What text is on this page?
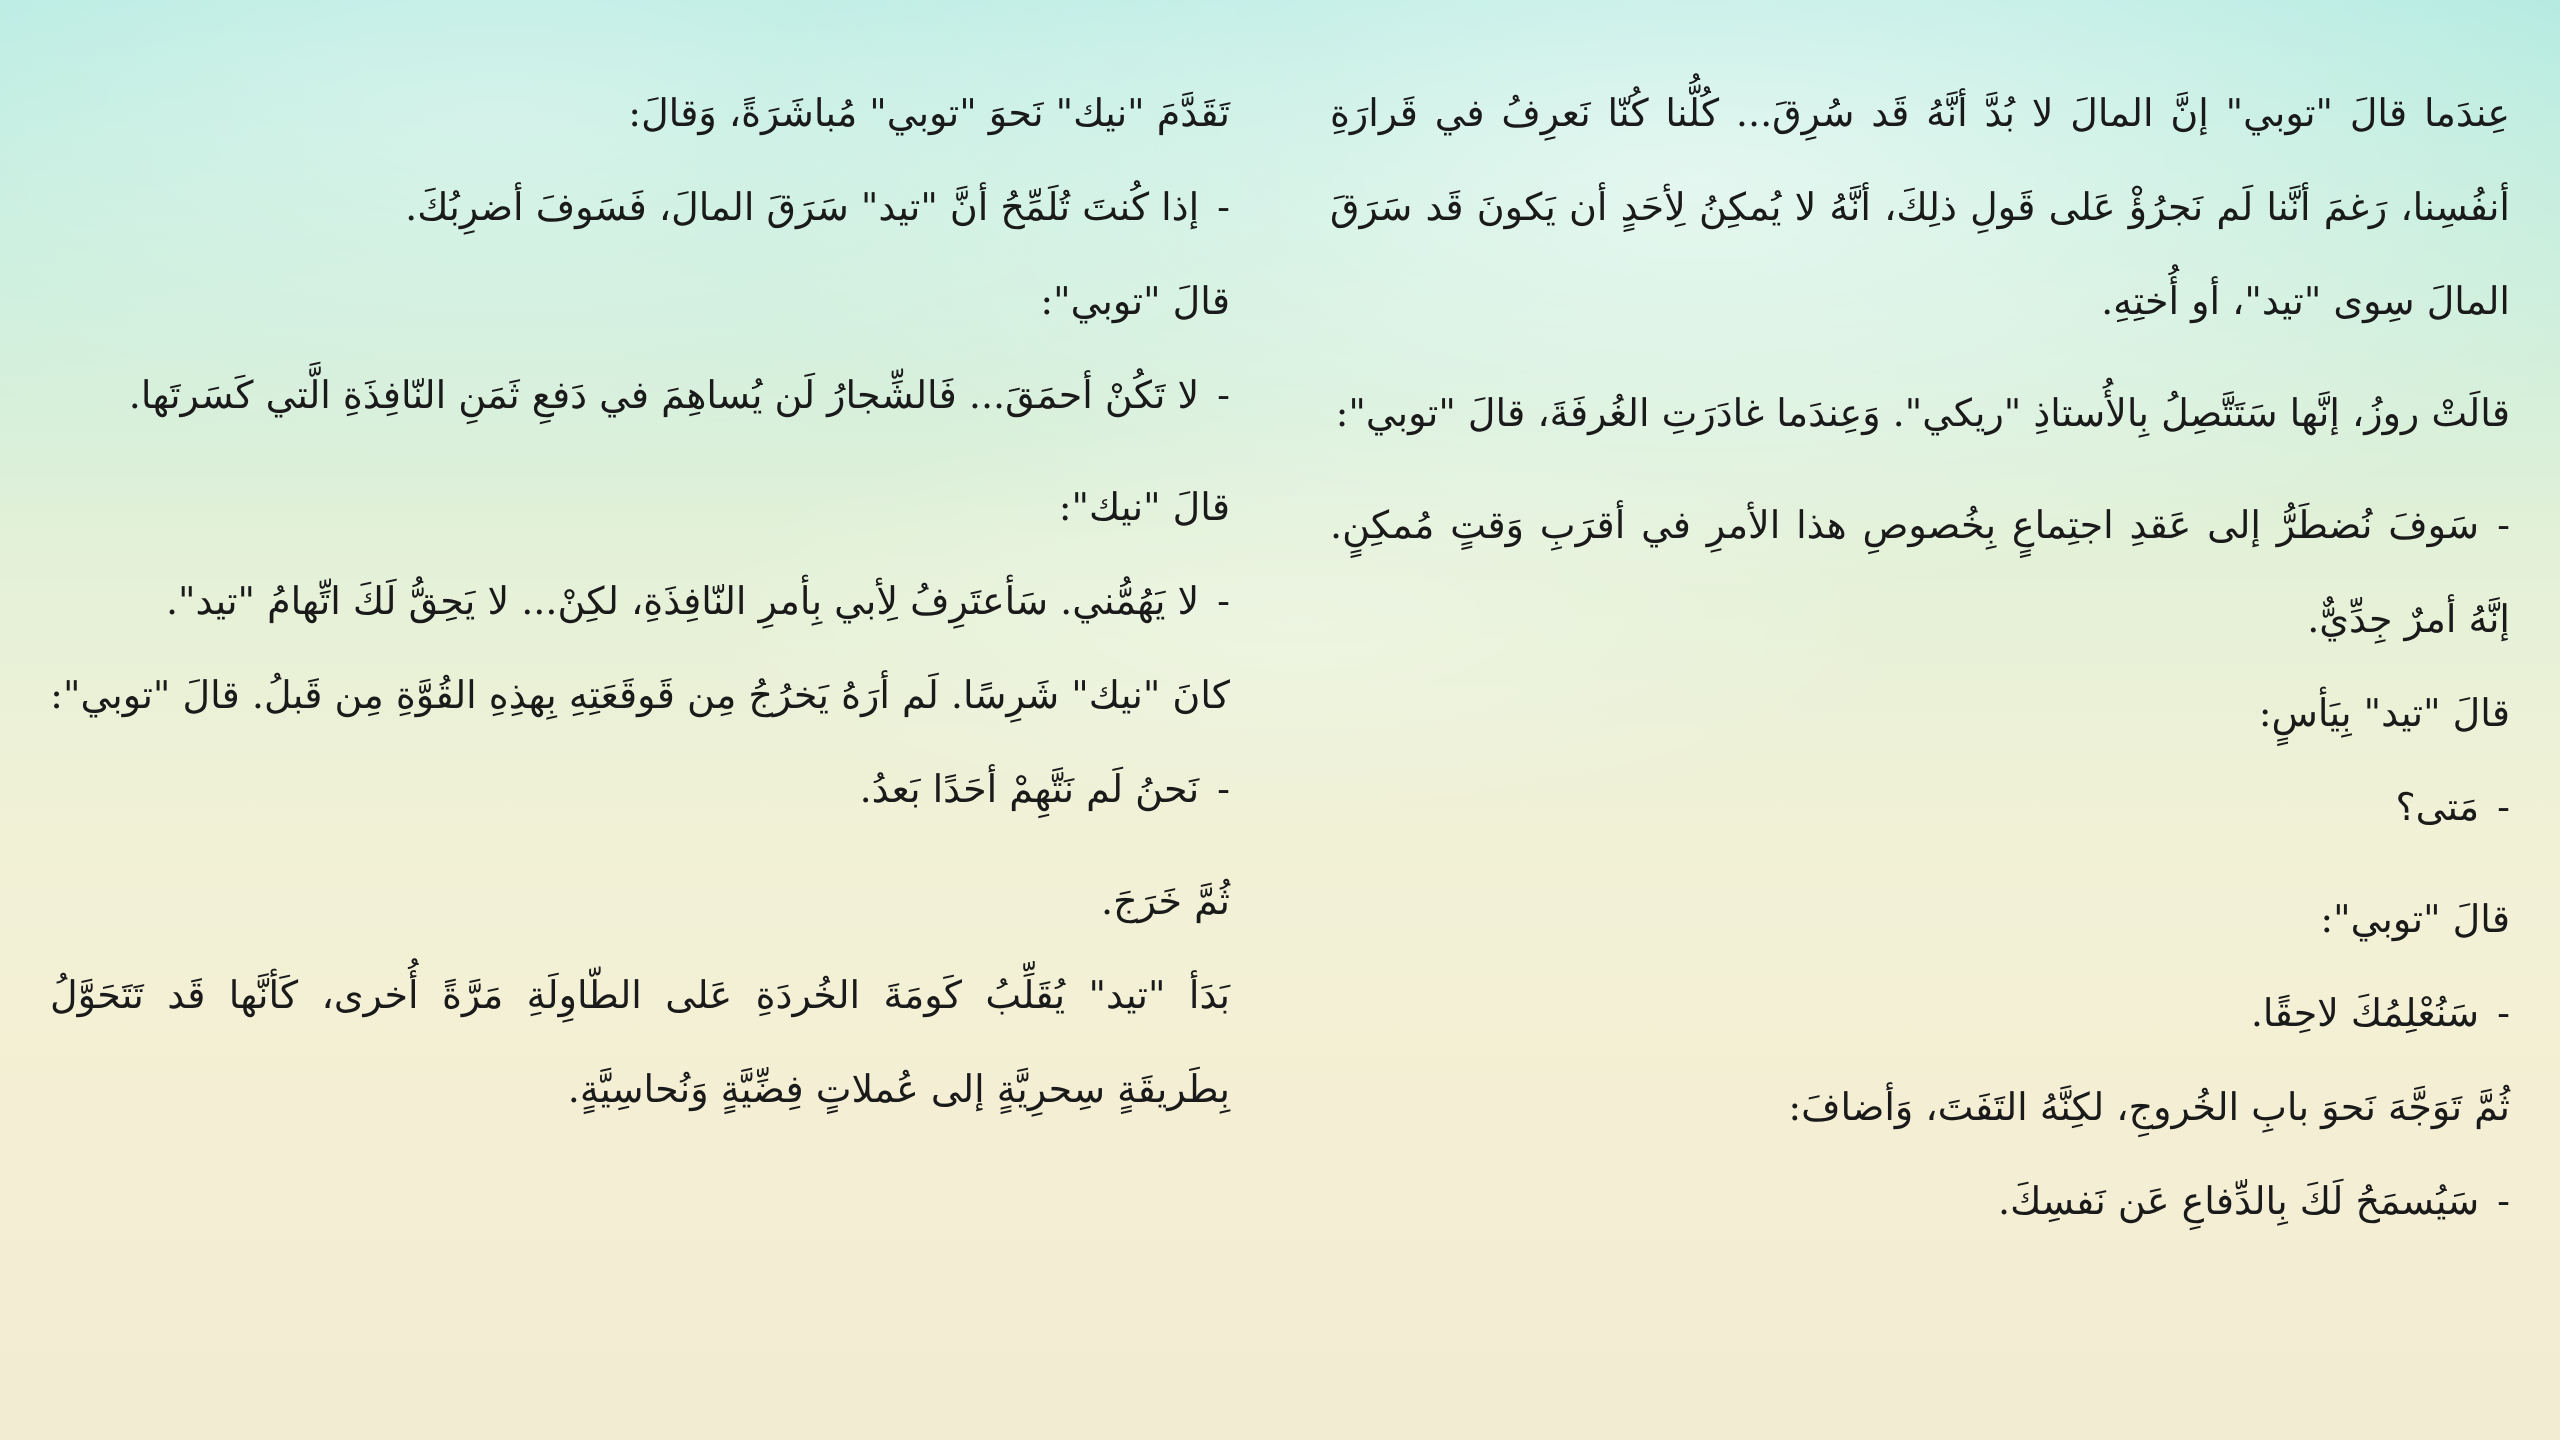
عِندَما قالَ "توبي" إنَّ المالَ لا بُدَّ أنَّهُ قَد سُرِقَ... كُلُّنا كُنّا نَعرِفُ في قَرارَةِ أنفُسِنا، رَغمَ أنَّنا لَم نَجرُؤْ عَلى قَولِ ذلِكَ، أنَّهُ لا يُمكِنُ لِأحَدٍ أن يَكونَ قَد سَرَقَ المالَ سِوى "تيد"، أو أُختِهِ.

قالَتْ روزُ، إنَّها سَتَتَّصِلُ بِالأُستاذِ "ريكي". وَعِندَما غادَرَتِ الغُرفَةَ، قالَ "توبي":

-سَوفَ نُضطَرُّ إلى عَقدِ اجتِماعٍ بِخُصوصِ هذا الأمرِ في أقرَبِ وَقتٍ مُمكِنٍ. إنَّهُ أمرٌ جِدِّيٌّ.

قالَ "تيد" بِيَأسٍ:

-مَتى؟

قالَ "توبي":

-سَنُعْلِمُكَ لاحِقًا.

ثُمَّ تَوَجَّهَ نَحوَ بابِ الخُروجِ، لكِنَّهُ التَفَتَ، وَأضافَ:

-سَيُسمَحُ لَكَ بِالدِّفاعِ عَن نَفسِكَ.

تَقَدَّمَ "نيك" نَحوَ "توبي" مُباشَرَةً، وَقالَ:

-إذا كُنتَ تُلَمِّحُ أنَّ "تيد" سَرَقَ المالَ، فَسَوفَ أضرِبُكَ.

قالَ "توبي":

-لا تَكُنْ أحمَقَ... فَالشِّجارُ لَن يُساهِمَ في دَفعِ ثَمَنِ النّافِذَةِ الَّتي كَسَرتَها.

قالَ "نيك":

-لا يَهُمُّني. سَأعتَرِفُ لِأبي بِأمرِ النّافِذَةِ، لكِنْ... لا يَحِقُّ لَكَ اتِّهامُ "تيد".

كانَ "نيك" شَرِسًا. لَم أرَهُ يَخرُجُ مِن قَوقَعَتِهِ بِهذِهِ القُوَّةِ مِن قَبلُ. قالَ "توبي":

-نَحنُ لَم نَتَّهِمْ أحَدًا بَعدُ.

ثُمَّ خَرَجَ.

بَدَأ "تيد" يُقَلِّبُ كَومَةَ الخُردَةِ عَلى الطّاوِلَةِ مَرَّةً أُخرى، كَأنَّها قَد تَتَحَوَّلُ بِطَريقَةٍ سِحرِيَّةٍ إلى عُملاتٍ فِضِّيَّةٍ وَنُحاسِيَّةٍ.
